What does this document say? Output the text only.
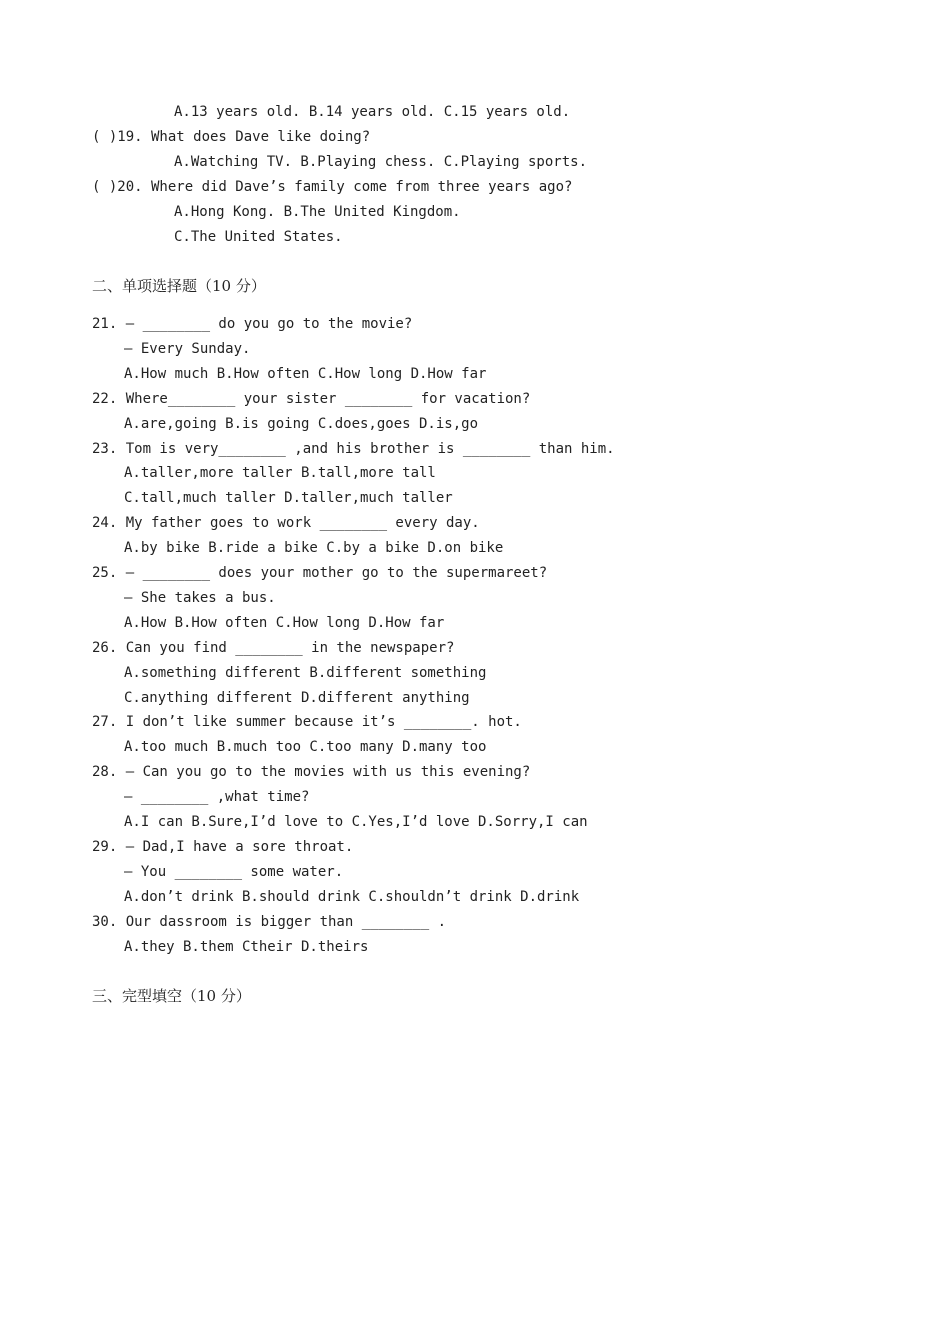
A.13 years old. B.14 years old. C.15 years old.
( )19. What does Dave like doing?
A.Watching TV. B.Playing chess. C.Playing sports.
( )20. Where did Dave’s family come from three years ago?
A.Hong Kong. B.The United Kingdom.
C.The United States.
二、单项选择题（10 分）
21. — ________ do you go to the movie?
— Every Sunday.
A.How much B.How often C.How long D.How far
22. Where________ your sister ________ for vacation?
A.are,going B.is going C.does,goes D.is,go
23. Tom is very________ ,and his brother is ________ than him.
A.taller,more taller B.tall,more tall
C.tall,much taller D.taller,much taller
24. My father goes to work ________ every day.
A.by bike B.ride a bike C.by a bike D.on bike
25. — ________ does your mother go to the supermareet?
— She takes a bus.
A.How B.How often C.How long D.How far
26. Can you find ________ in the newspaper?
A.something different B.different something
C.anything different D.different anything
27. I don’t like summer because it’s ________. hot.
A.too much B.much too C.too many D.many too
28. — Can you go to the movies with us this evening?
— ________ ,what time?
A.I can B.Sure,I’d love to C.Yes,I’d love D.Sorry,I can
29. — Dad,I have a sore throat.
— You ________ some water.
A.don’t drink B.should drink C.shouldn’t drink D.drink
30. Our dassroom is bigger than ________ .
A.they B.them Ctheir D.theirs
三、完型填空（10 分）
